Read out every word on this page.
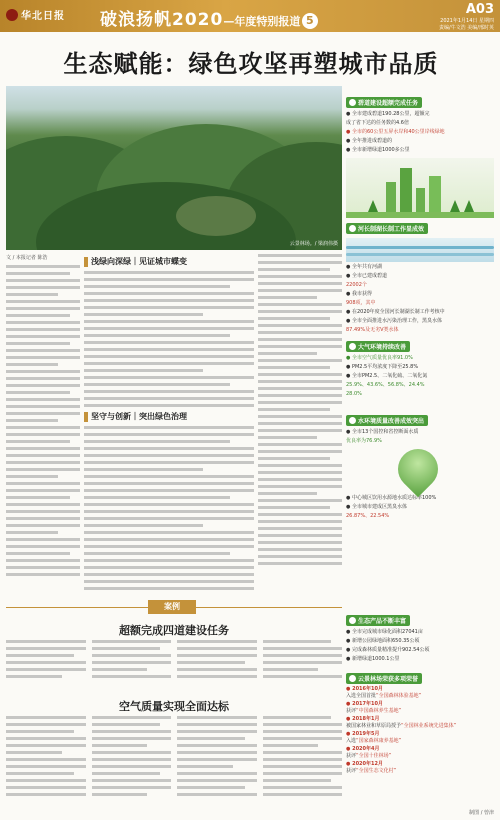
华北日报 破浪扬帆2020—年度特别报道 5
A03
2021年1月14日 星期四
责编/牛文浩 美编/邢时英
生态赋能：绿色攻坚再塑城市品质
云景林场。/ 梁润伟摄
文 / 本报记者 陈浩	浅绿向深绿｜见证城市蝶变
坚守与创新｜突出绿色治理
案例
超额完成四道建设任务
空气质量实现全面达标
碧道建设超额完成任务
● 全市建成碧道190.28公里，超额完
成了省下达的任务数的4.6倍
● 全市的60公里五屏水岸和40公里岸线绿地
● 全年推进成碧道的
● 全市新增绿道1000多公里
河长制湖长制工作显成效
● 全年共有河湖
● 全市已建成碧道
22002个
● 我市获得
908项，其中
● 在2020年度全国河长制湖长制工作考核中
● 全市全面推进水污染治理工作，黑臭水体
87.49%及无劣V类水体
大气环境持续改善
● 全市空气质量优良率91.0%
● PM2.5平均浓度下降至25.8%
● 全市PM2.5、二氧化硫、二氧化氮
25.9%、43.6%、56.8%、24.4%
28.0%
水环境质量改善成效突出
● 全市13个国控和省控断面水质
优良率为76.9%
● 中心城区饮用水源地水质达标率100%
● 全市城市建成区黑臭水体
26.87%、22.54%
生态产品不断丰富
● 全市完成城市绿化面积27041亩
● 新增公园绿地面积650.35公顷
● 完成森林质量精准提升902.54公顷
● 新增绿道1000.1公里
云景林场荣获多项荣誉
● 2016年10月
入选全国首批“全国森林体验基地”
● 2017年10月
获评“中国森林养生基地”
● 2018年1月
被国家林业和草原局授予“全国林业系统先进集体”
● 2019年5月
入选“国家森林康养基地”
● 2020年4月
获评“全国十佳林场”
● 2020年12月
获评“全国生态文化村”
制图 / 曾津
